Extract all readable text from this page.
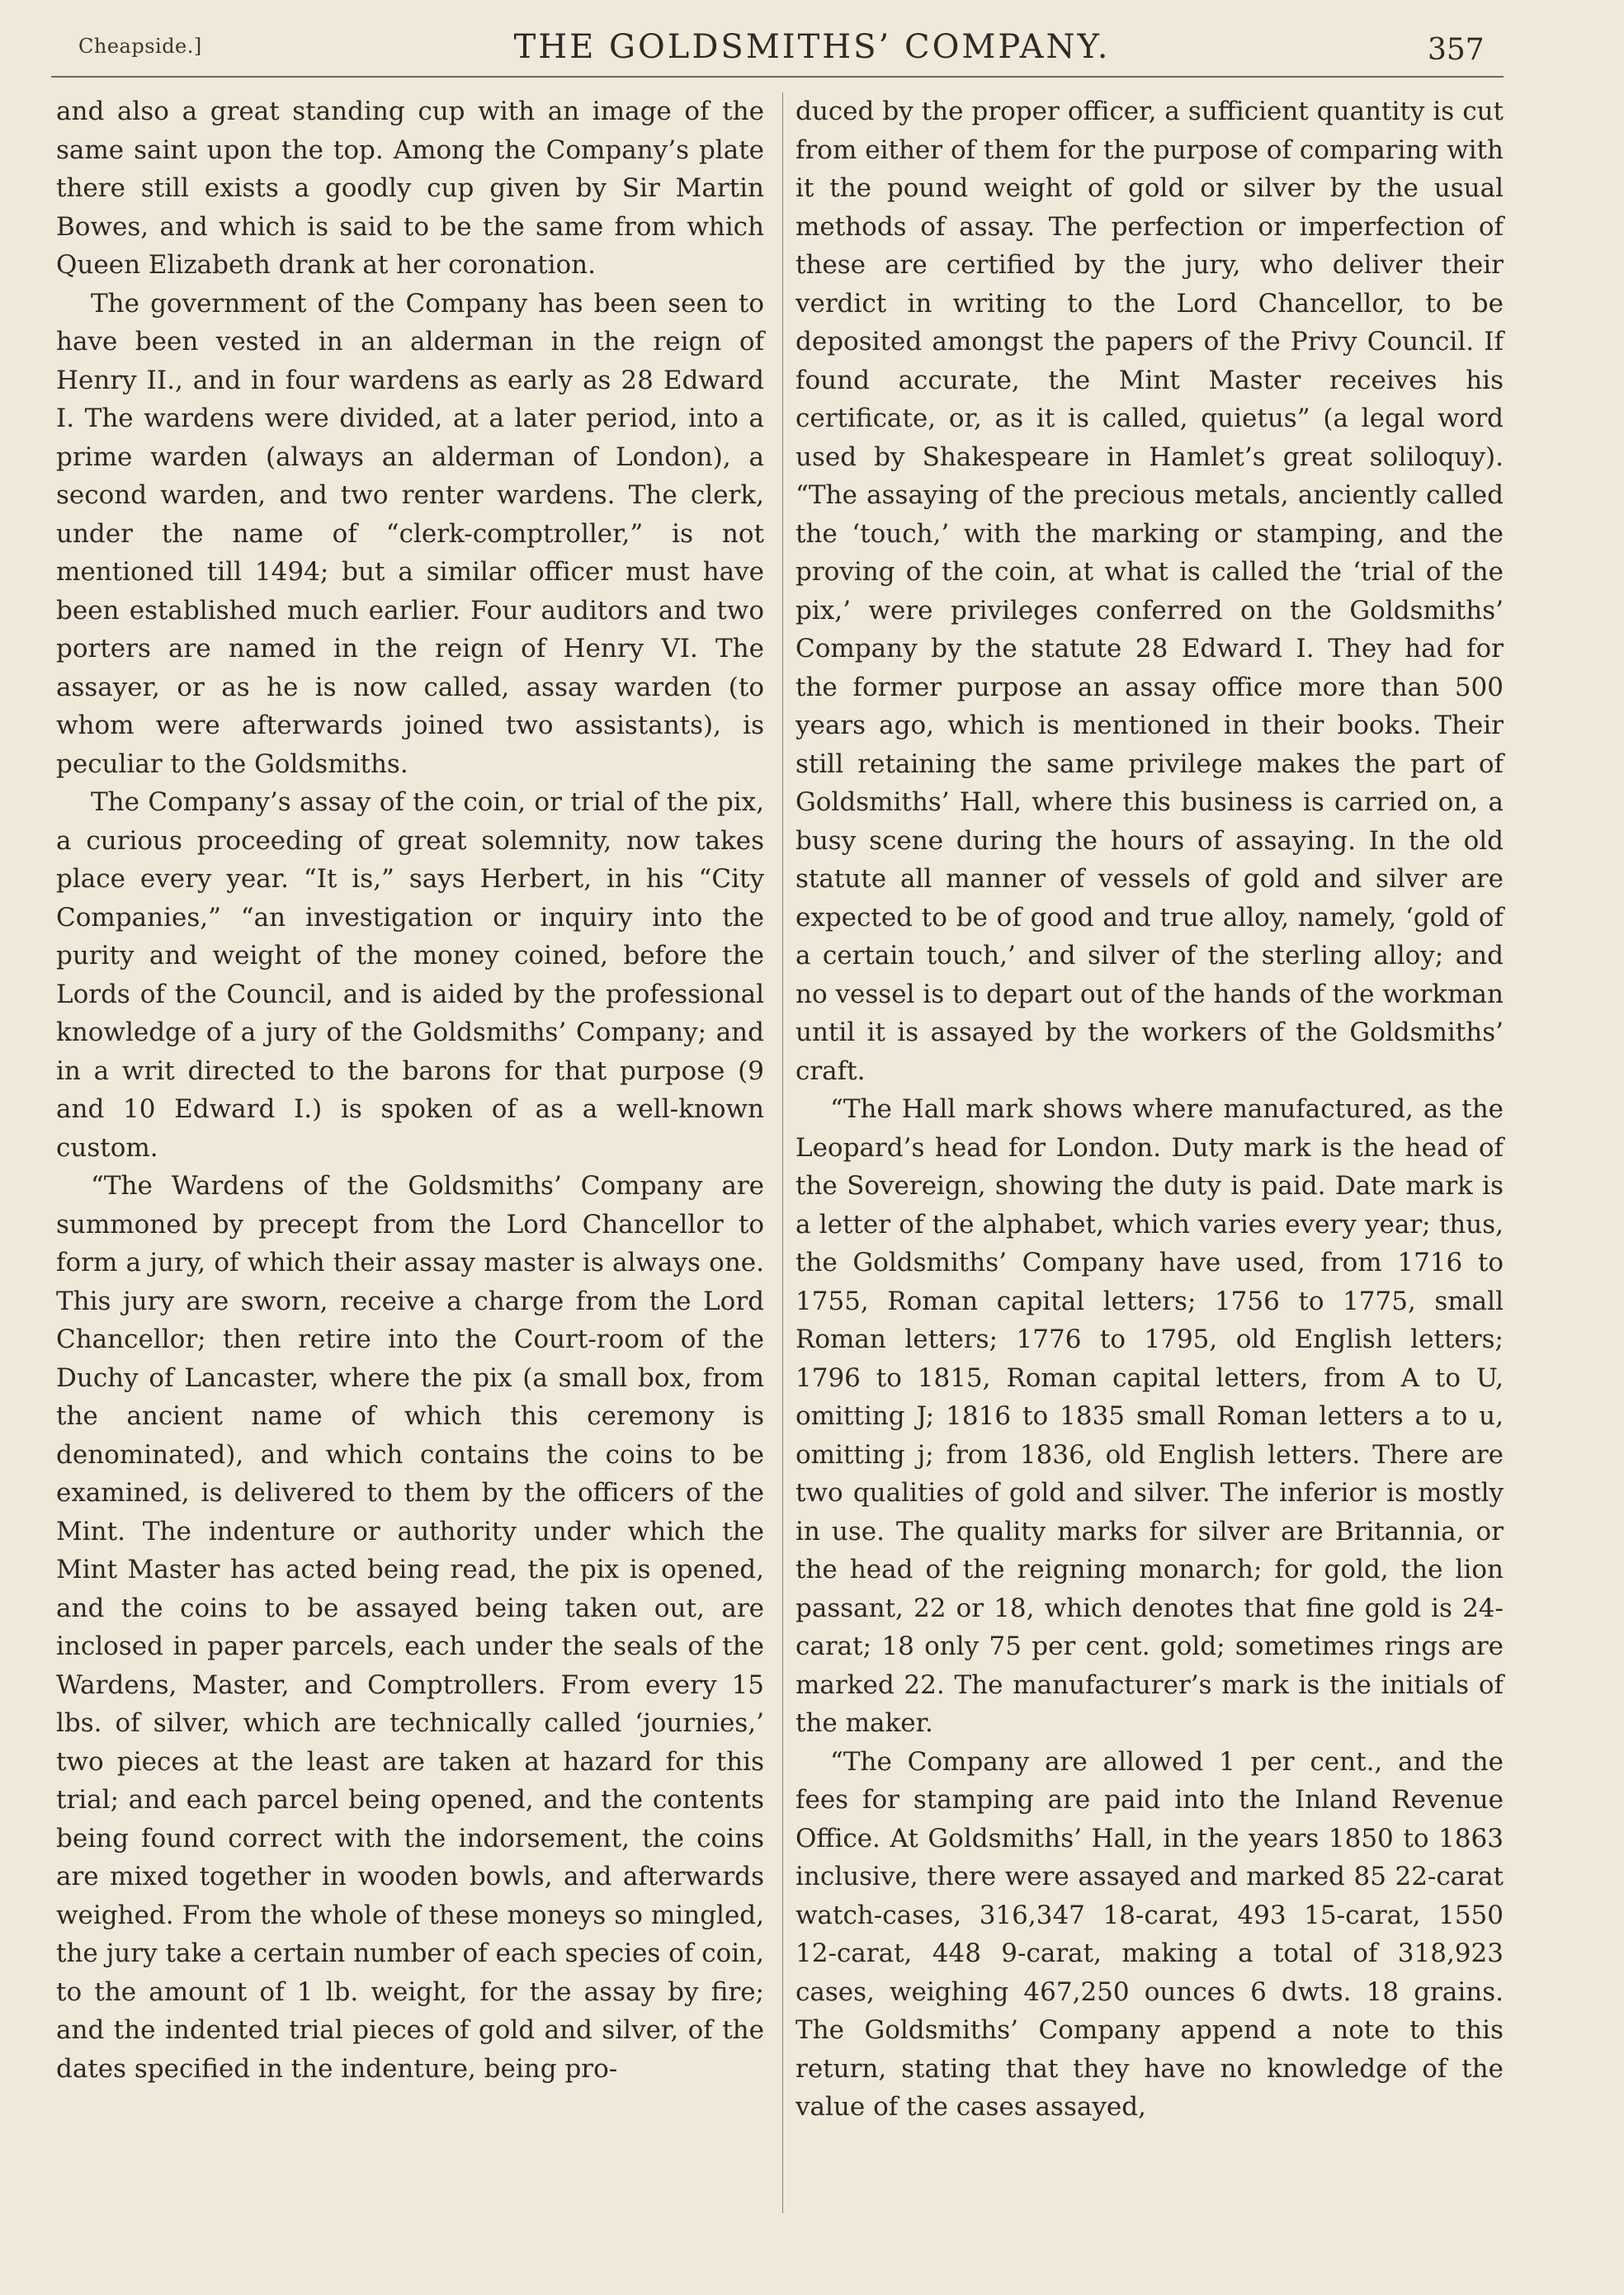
Cheapside.]	THE GOLDSMITHS’ COMPANY.	357

and also a great standing cup with an image of the same saint upon the top. Among the Company’s plate there still exists a goodly cup given by Sir Martin Bowes, and which is said to be the same from which Queen Elizabeth drank at her coronation.

The government of the Company has been seen to have been vested in an alderman in the reign of Henry II., and in four wardens as early as 28 Edward I. The wardens were divided, at a later period, into a prime warden (always an alderman of London), a second warden, and two renter wardens. The clerk, under the name of “clerk-comptroller,” is not mentioned till 1494; but a similar officer must have been established much earlier. Four auditors and two porters are named in the reign of Henry VI. The assayer, or as he is now called, assay warden (to whom were afterwards joined two assistants), is peculiar to the Goldsmiths.

The Company’s assay of the coin, or trial of the pix, a curious proceeding of great solemnity, now takes place every year. “It is,” says Herbert, in his “City Companies,” “an investigation or inquiry into the purity and weight of the money coined, before the Lords of the Council, and is aided by the professional knowledge of a jury of the Goldsmiths’ Company; and in a writ directed to the barons for that purpose (9 and 10 Edward I.) is spoken of as a well-known custom.

“The Wardens of the Goldsmiths’ Company are summoned by precept from the Lord Chancellor to form a jury, of which their assay master is always one. This jury are sworn, receive a charge from the Lord Chancellor; then retire into the Court-room of the Duchy of Lancaster, where the pix (a small box, from the ancient name of which this ceremony is denominated), and which contains the coins to be examined, is delivered to them by the officers of the Mint. The indenture or authority under which the Mint Master has acted being read, the pix is opened, and the coins to be assayed being taken out, are inclosed in paper parcels, each under the seals of the Wardens, Master, and Comptrollers. From every 15 lbs. of silver, which are technically called ‘journies,’ two pieces at the least are taken at hazard for this trial; and each parcel being opened, and the contents being found correct with the indorsement, the coins are mixed together in wooden bowls, and afterwards weighed. From the whole of these moneys so mingled, the jury take a certain number of each species of coin, to the amount of 1 lb. weight, for the assay by fire; and the indented trial pieces of gold and silver, of the dates specified in the indenture, being pro-

duced by the proper officer, a sufficient quantity is cut from either of them for the purpose of comparing with it the pound weight of gold or silver by the usual methods of assay. The perfection or imperfection of these are certified by the jury, who deliver their verdict in writing to the Lord Chancellor, to be deposited amongst the papers of the Privy Council. If found accurate, the Mint Master receives his certificate, or, as it is called, quietus” (a legal word used by Shakespeare in Hamlet’s great soliloquy). “The assaying of the precious metals, anciently called the ‘touch,’ with the marking or stamping, and the proving of the coin, at what is called the ‘trial of the pix,’ were privileges conferred on the Goldsmiths’ Company by the statute 28 Edward I. They had for the former purpose an assay office more than 500 years ago, which is mentioned in their books. Their still retaining the same privilege makes the part of Goldsmiths’ Hall, where this business is carried on, a busy scene during the hours of assaying. In the old statute all manner of vessels of gold and silver are expected to be of good and true alloy, namely, ‘gold of a certain touch,’ and silver of the sterling alloy; and no vessel is to depart out of the hands of the workman until it is assayed by the workers of the Goldsmiths’ craft.

“The Hall mark shows where manufactured, as the Leopard’s head for London. Duty mark is the head of the Sovereign, showing the duty is paid. Date mark is a letter of the alphabet, which varies every year; thus, the Goldsmiths’ Company have used, from 1716 to 1755, Roman capital letters; 1756 to 1775, small Roman letters; 1776 to 1795, old English letters; 1796 to 1815, Roman capital letters, from A to U, omitting J; 1816 to 1835 small Roman letters a to u, omitting j; from 1836, old English letters. There are two qualities of gold and silver. The inferior is mostly in use. The quality marks for silver are Britannia, or the head of the reigning monarch; for gold, the lion passant, 22 or 18, which denotes that fine gold is 24-carat; 18 only 75 per cent. gold; sometimes rings are marked 22. The manufacturer’s mark is the initials of the maker.

“The Company are allowed 1 per cent., and the fees for stamping are paid into the Inland Revenue Office. At Goldsmiths’ Hall, in the years 1850 to 1863 inclusive, there were assayed and marked 85 22-carat watch-cases, 316,347 18-carat, 493 15-carat, 1550 12-carat, 448 9-carat, making a total of 318,923 cases, weighing 467,250 ounces 6 dwts. 18 grains. The Goldsmiths’ Company append a note to this return, stating that they have no knowledge of the value of the cases assayed,
